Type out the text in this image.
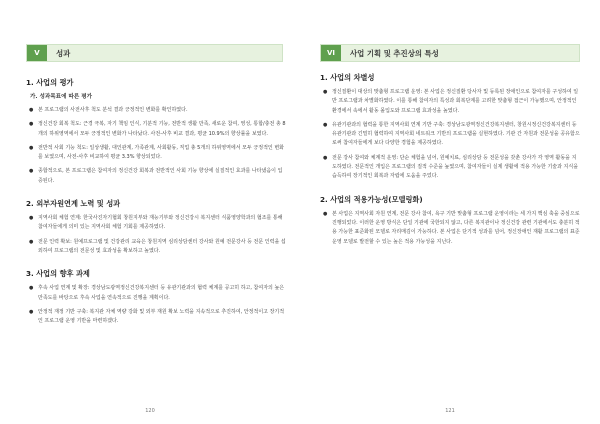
V	성과
1. 사업의 평가
가. 성과목표에 따른 평가
● 본 프로그램의 사전사후 척도 분석 결과 긍정적인 변화를 확인하였다.
● 정신건강 회복 척도: 근경 극복, 자기 책임 인식, 기분적 기능, 전반적 생활 만족, 새로운 참여, 영성, 통합/충전 총 8개의 하위영역에서 모두 긍정적인 변화가 나타났다. 사전-사후 비교 결과, 평균 10.9%의 향상률을 보였다.
● 전반적 사회 기능 척도: 일상생활, 대인관계, 가족관계, 사회활동, 직업 총 5개의 하위영역에서 모두 긍정적인 변화를 보였으며, 사전-사후 비교하여 평균 3.3% 향상되었다.
● 종합적으로, 본 프로그램은 참여자의 정신건강 회복과 전반적인 사회 기능 향상에 실질적인 효과를 나타냈음이 입증된다.
2. 외부자원연계 노력 및 성과
● 지역사회 체험 연계: 한국사진자기협회 창원지부와 재능기부와 정신건강시 복지센터 식품영양학과의 협조를 통해 참여자들에게 의미 있는 지역사회 체험 기회를 제공하였다.
● 전문 인력 확보: 원예프로그램 및 건강관리 교육은 창원지역 심리상담센터 강사와 원예 전문강사 등 전문 인력을 섭외하여 프로그램의 전문성 및 효과성을 확보하고 높였다.
3. 사업의 향후 과제
● 후속 사업 연계 및 확장: 경상남도광역정신건강복지센터 등 유관기관과의 협력 체계를 공고히 하고, 참여자의 높은 만족도를 바탕으로 후속 사업을 연속적으로 진행을 계획이다.
● 안정적 재정 기반 구축: 복지관 자체 역량 강화 및 외부 재원 확보 노력을 지속적으로 추진하여, 안정적이고 장기적인 프로그램 운영 기반을 마련하겠다.
120
VI	사업 기획 및 추진상의 특성
1. 사업의 차별성
● 정신질환이 대상의 맞춤형 프로그램 운영: 본 사업은 정신질환 당사자 및 등록된 장애인으로 참여자를 구성하여 일반 프로그램과 차별화하였다. 이를 통해 참여자의 특성과 회복단계를 고려한 맞춤형 접근이 가능했으며, 안정적인 환경에서 속에서 활동 몰입도와 프로그램 효과성을 높였다.
● 유관기관과의 협력을 통한 지역사회 연계 기반 구축: 경상남도광역정신건강복지센터, 창원시정신건강복지센터 등 유관기관과 긴밀히 협력하여 지역사회 네트워크 기반의 프로그램을 실현하였다. 기관 간 자원과 전문성을 공유함으로써 참여자들에게 보다 다양한 경험을 제공하였다.
● 전문 강사 참여와 체계적 운영: 단순 체험을 넘어, 원예치료, 심리상담 등 전문성을 갖춘 강사가 각 영역 활동을 지도하였다. 전문적인 개입은 프로그램의 질적 수준을 높였으며, 참여자들이 실제 생활에 적용 가능한 기술과 지식을 습득하여 장기적인 회복과 자립에 도움을 주었다.
2. 사업의 적용가능성(모델링화)
● 본 사업은 지역사회 자원 연계, 전문 강사 참여, 욕구 기반 맞춤형 프로그램 운영이라는 세 가지 핵심 축을 중심으로 진행되었다. 이러한 운영 방식은 단일 기관에 국한되지 않고, 다른 복지관이나 정신건강 관련 기관에서도 충분히 적용 가능한 표준화된 모델로 자리매김이 가능하다. 본 사업은 단기적 성과를 넘어, 정신장애인 재활 프로그램의 표준 운영 모델로 발전할 수 있는 높은 적용 가능성을 지닌다.
121
